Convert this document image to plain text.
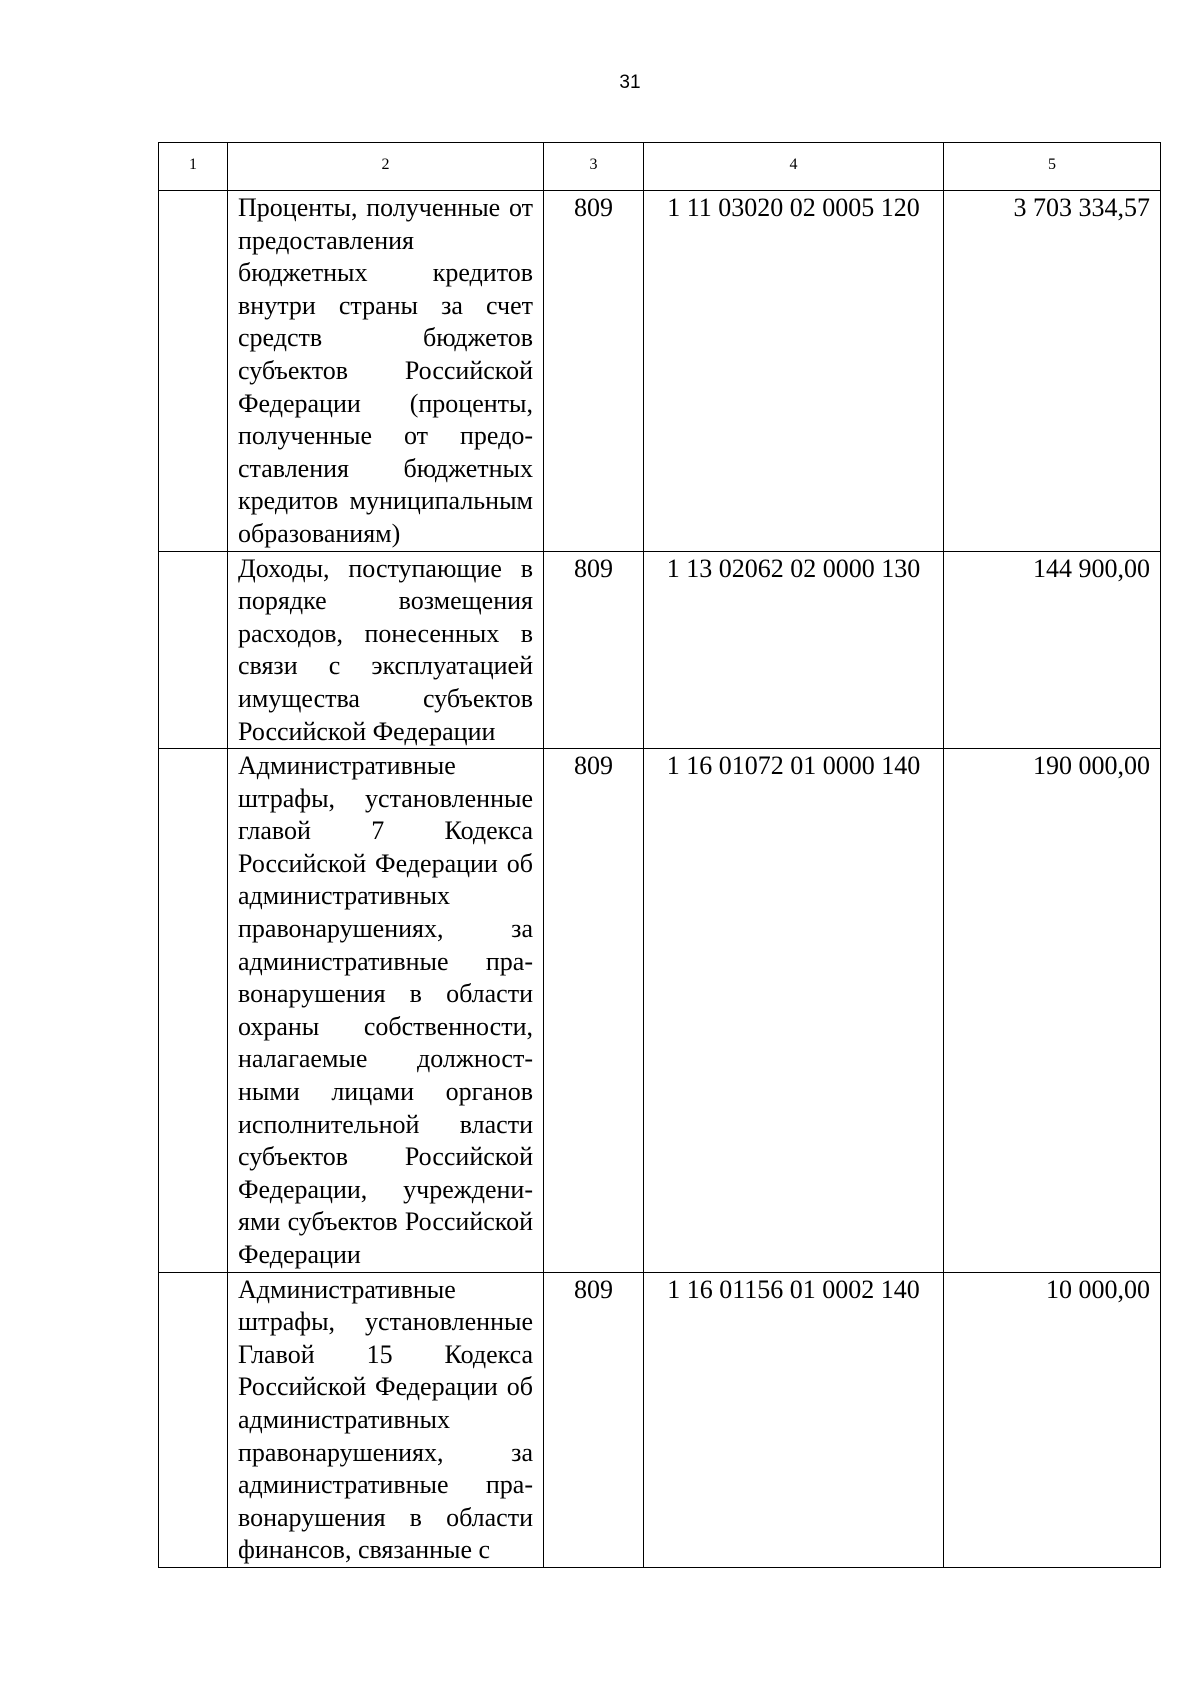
31
1	2	3	4	5
	Проценты, полученные от предоставления бюджетных кредитов внутри страны за счет средств бюджетов субъектов Российской Федерации (проценты, полученные от предоставления бюджетных кредитов муниципальным образованиям)	809	1 11 03020 02 0005 120	3 703 334,57
	Доходы, поступающие в порядке возмещения расходов, понесенных в связи с эксплуатацией имущества субъектов Российской Федерации	809	1 13 02062 02 0000 130	144 900,00
	Административные штрафы, установленные главой 7 Кодекса Российской Федерации об административных правонарушениях, за административные правонарушения в области охраны собственности, налагаемые должностными лицами органов исполнительной власти субъектов Российской Федерации, учреждениями субъектов Российской Федерации	809	1 16 01072 01 0000 140	190 000,00
	Административные штрафы, установленные Главой 15 Кодекса Российской Федерации об административных правонарушениях, за административные правонарушения в области финансов, связанные с	809	1 16 01156 01 0002 140	10 000,00
